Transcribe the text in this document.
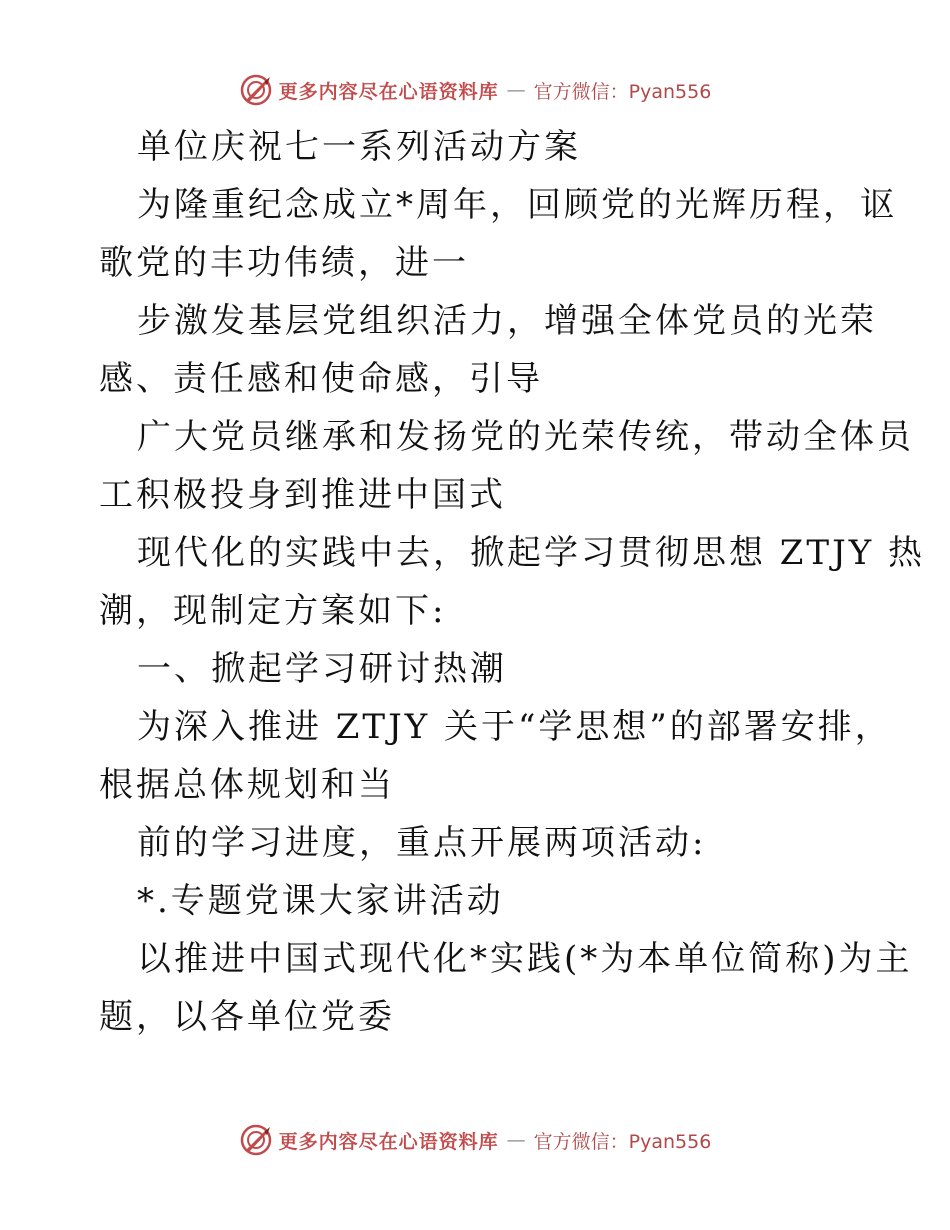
更多内容尽在心语资料库 — 官方微信：Pyan556
单位庆祝七一系列活动方案
为隆重纪念成立*周年，回顾党的光辉历程，讴
歌党的丰功伟绩，进一
步激发基层党组织活力，增强全体党员的光荣
感、责任感和使命感，引导
广大党员继承和发扬党的光荣传统，带动全体员
工积极投身到推进中国式
现代化的实践中去，掀起学习贯彻思想 ZTJY 热
潮，现制定方案如下:
一、掀起学习研讨热潮
为深入推进 ZTJY 关于“学思想”的部署安排，
根据总体规划和当
前的学习进度，重点开展两项活动:
*.专题党课大家讲活动
以推进中国式现代化*实践(*为本单位简称)为主
题，以各单位党委
更多内容尽在心语资料库 — 官方微信：Pyan556
